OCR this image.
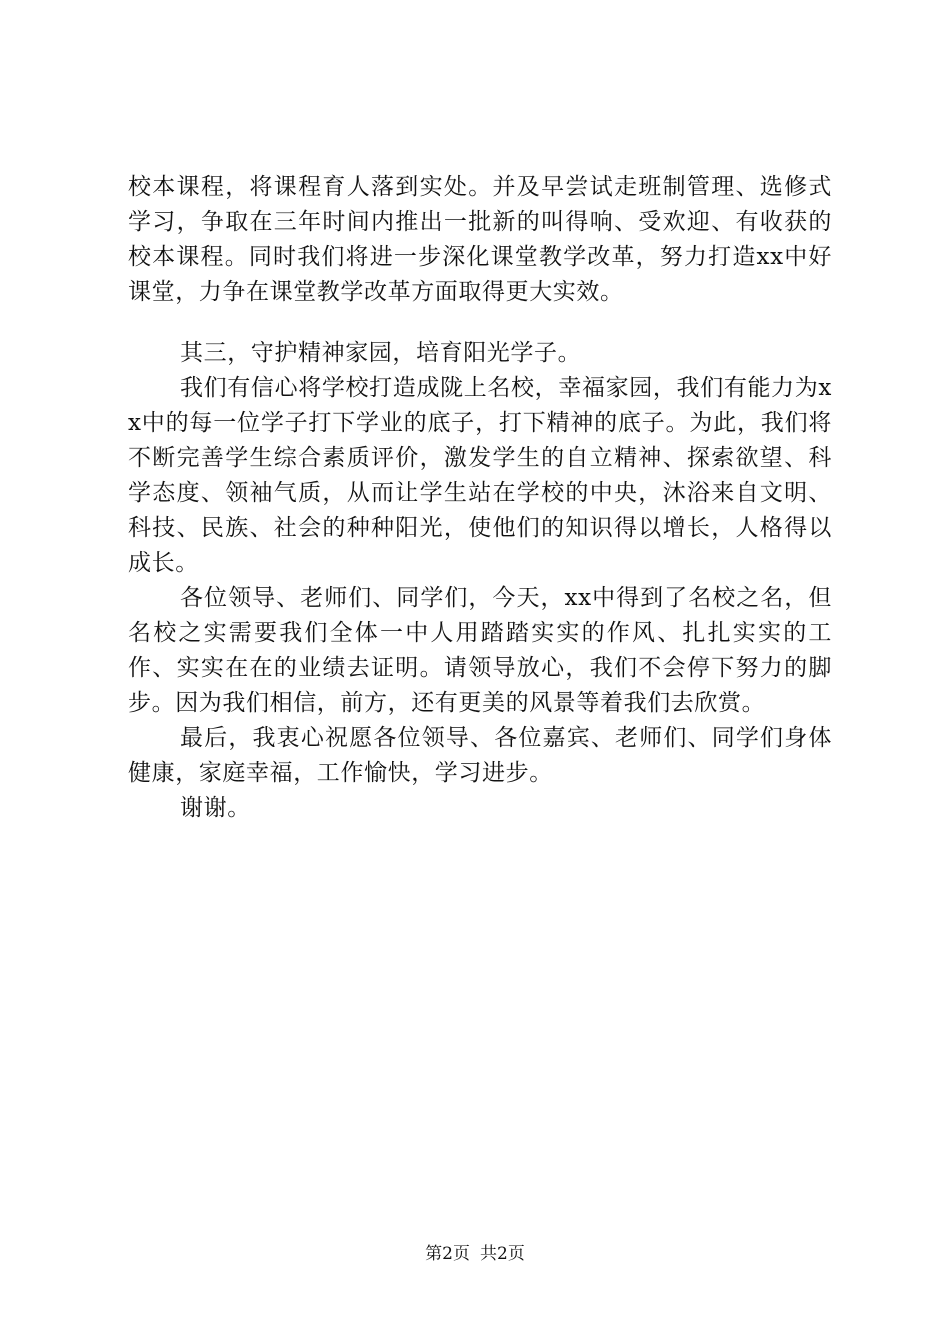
校本课程，将课程育人落到实处。并及早尝试走班制管理、选修式学习，争取在三年时间内推出一批新的叫得响、受欢迎、有收获的校本课程。同时我们将进一步深化课堂教学改革，努力打造xx中好课堂，力争在课堂教学改革方面取得更大实效。

其三，守护精神家园，培育阳光学子。

我们有信心将学校打造成陇上名校，幸福家园，我们有能力为xx中的每一位学子打下学业的底子，打下精神的底子。为此，我们将不断完善学生综合素质评价，激发学生的自立精神、探索欲望、科学态度、领袖气质，从而让学生站在学校的中央，沐浴来自文明、科技、民族、社会的种种阳光，使他们的知识得以增长，人格得以成长。

各位领导、老师们、同学们，今天，xx中得到了名校之名，但名校之实需要我们全体一中人用踏踏实实的作风、扎扎实实的工作、实实在在的业绩去证明。请领导放心，我们不会停下努力的脚步。因为我们相信，前方，还有更美的风景等着我们去欣赏。

最后，我衷心祝愿各位领导、各位嘉宾、老师们、同学们身体健康，家庭幸福，工作愉快，学习进步。

谢谢。

第2页 共2页
